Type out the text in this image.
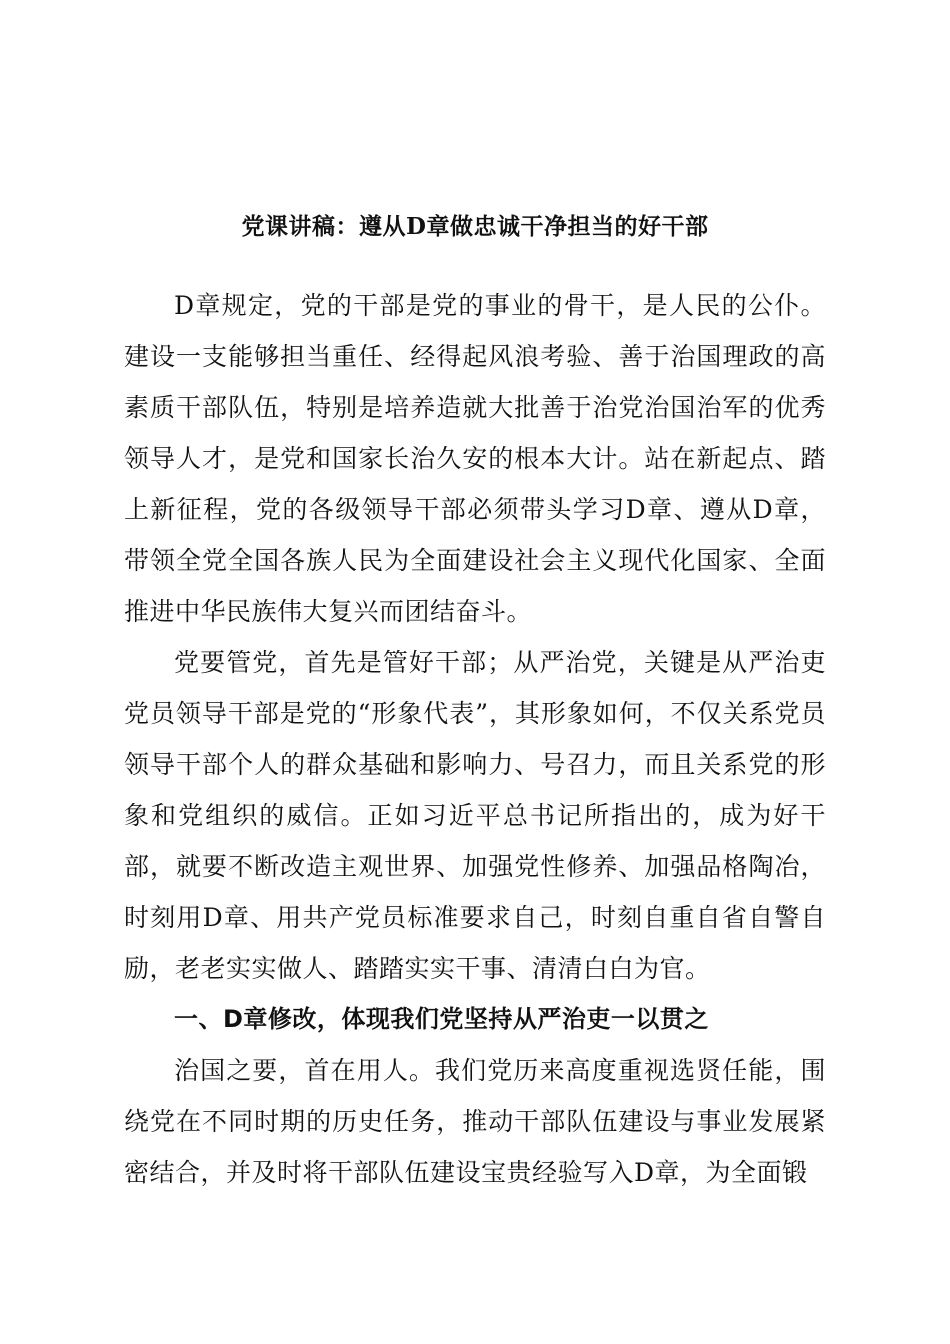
党课讲稿：遵从D章做忠诚干净担当的好干部

D章规定，党的干部是党的事业的骨干，是人民的公仆。建设一支能够担当重任、经得起风浪考验、善于治国理政的高素质干部队伍，特别是培养造就大批善于治党治国治军的优秀领导人才，是党和国家长治久安的根本大计。站在新起点、踏上新征程，党的各级领导干部必须带头学习D章、遵从D章，带领全党全国各族人民为全面建设社会主义现代化国家、全面推进中华民族伟大复兴而团结奋斗。

党要管党，首先是管好干部；从严治党，关键是从严治吏党员领导干部是党的“形象代表”，其形象如何，不仅关系党员领导干部个人的群众基础和影响力、号召力，而且关系党的形象和党组织的威信。正如习近平总书记所指出的，成为好干部，就要不断改造主观世界、加强党性修养、加强品格陶冶，时刻用D章、用共产党员标准要求自己，时刻自重自省自警自励，老老实实做人、踏踏实实干事、清清白白为官。

一、D章修改，体现我们党坚持从严治吏一以贯之

治国之要，首在用人。我们党历来高度重视选贤任能，围绕党在不同时期的历史任务，推动干部队伍建设与事业发展紧密结合，并及时将干部队伍建设宝贵经验写入D章，为全面锻
